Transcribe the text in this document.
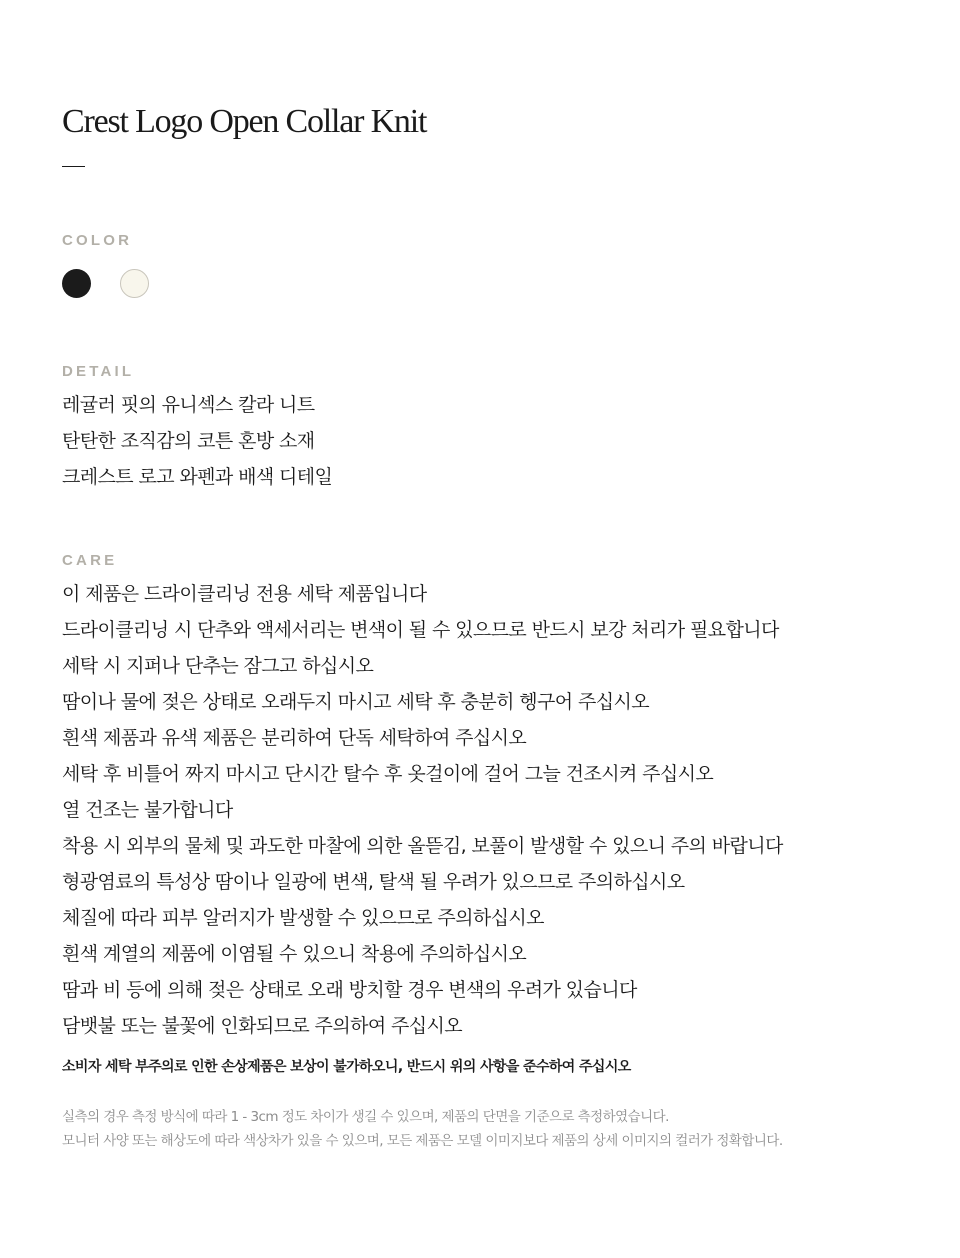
Crest Logo Open Collar Knit
COLOR
DETAIL
레귤러 핏의 유니섹스 칼라 니트
탄탄한 조직감의 코튼 혼방 소재
크레스트 로고 와펜과 배색 디테일
CARE
이 제품은 드라이클리닝 전용 세탁 제품입니다
드라이클리닝 시 단추와 액세서리는 변색이 될 수 있으므로 반드시 보강 처리가 필요합니다
세탁 시 지퍼나 단추는 잠그고 하십시오
땀이나 물에 젖은 상태로 오래두지 마시고 세탁 후 충분히 헹구어 주십시오
흰색 제품과 유색 제품은 분리하여 단독 세탁하여 주십시오
세탁 후 비틀어 짜지 마시고 단시간 탈수 후 옷걸이에 걸어 그늘 건조시켜 주십시오
열 건조는 불가합니다
착용 시 외부의 물체 및 과도한 마찰에 의한 올뜯김, 보풀이 발생할 수 있으니 주의 바랍니다
형광염료의 특성상 땀이나 일광에 변색, 탈색 될 우려가 있으므로 주의하십시오
체질에 따라 피부 알러지가 발생할 수 있으므로 주의하십시오
흰색 계열의 제품에 이염될 수 있으니 착용에 주의하십시오
땀과 비 등에 의해 젖은 상태로 오래 방치할 경우 변색의 우려가 있습니다
담뱃불 또는 불꽃에 인화되므로 주의하여 주십시오

소비자 세탁 부주의로 인한 손상제품은 보상이 불가하오니, 반드시 위의 사항을 준수하여 주십시오

실측의 경우 측정 방식에 따라 1 - 3cm 정도 차이가 생길 수 있으며, 제품의 단면을 기준으로 측정하였습니다.
모니터 사양 또는 해상도에 따라 색상차가 있을 수 있으며, 모든 제품은 모델 이미지보다 제품의 상세 이미지의 컬러가 정확합니다.
